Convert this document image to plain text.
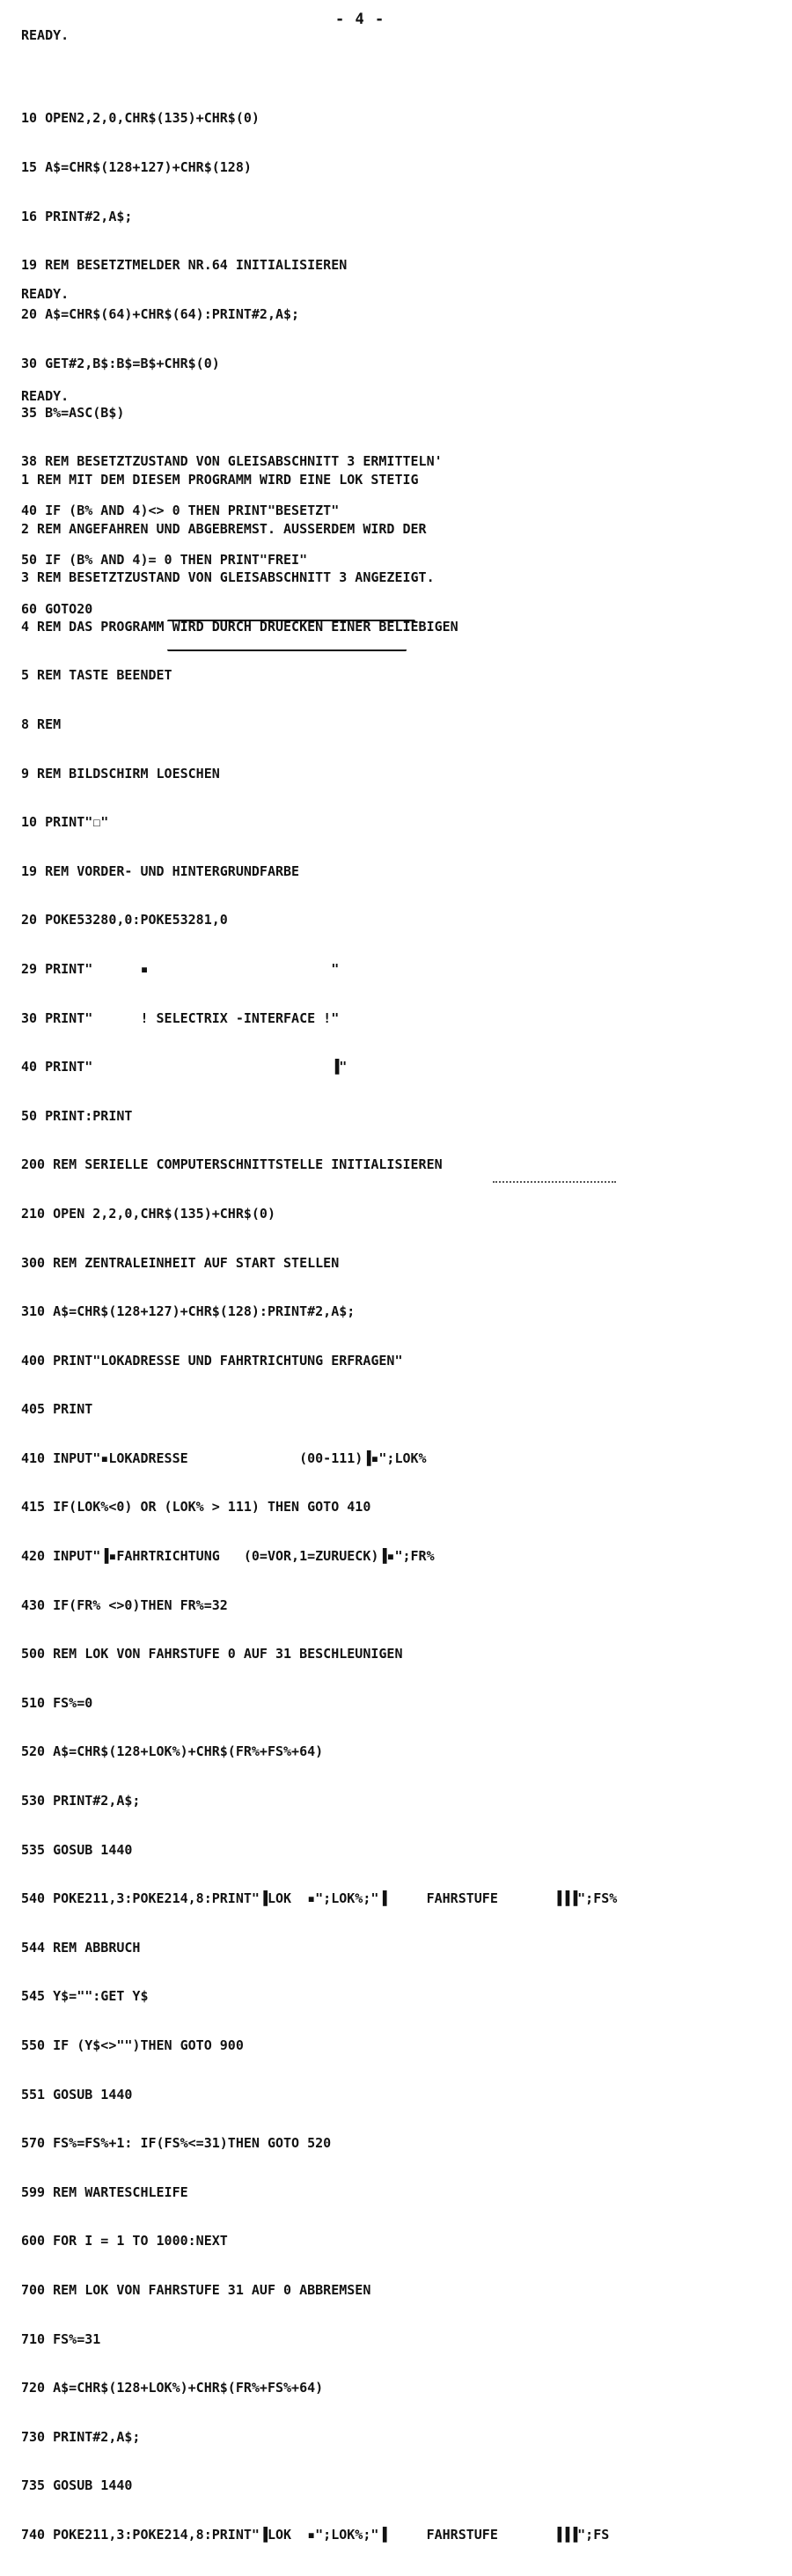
- 4 -
READY.

10 OPEN2,2,0,CHR$(135)+CHR$(0)

15 A$=CHR$(128+127)+CHR$(128)

16 PRINT#2,A$;

19 REM BESETZTMELDER NR.64 INITIALISIEREN

20 A$=CHR$(64)+CHR$(64):PRINT#2,A$;

30 GET#2,B$:B$=B$+CHR$(0)

35 B%=ASC(B$)

38 REM BESETZTZUSTAND VON GLEISABSCHNITT 3 ERMITTELN'

40 IF (B% AND 4)<> 0 THEN PRINT"BESETZT"

50 IF (B% AND 4)= 0 THEN PRINT"FREI"

60 GOTO20

READY.
READY.

1 REM MIT DEM DIESEM PROGRAMM WIRD EINE LOK STETIG

2 REM ANGEFAHREN UND ABGEBREMST. AUSSERDEM WIRD DER

3 REM BESETZTZUSTAND VON GLEISABSCHNITT 3 ANGEZEIGT.

4 REM DAS PROGRAMM WIRD DURCH DRUECKEN EINER BELIEBIGEN

5 REM TASTE BEENDET

8 REM

9 REM BILDSCHIRM LOESCHEN

10 PRINT"☐"

19 REM VORDER- UND HINTERGRUNDFARBE

20 POKE53280,0:POKE53281,0

29 PRINT"      ▪                       "

30 PRINT"      ! SELECTRIX -INTERFACE !"

40 PRINT"                              ▐"

50 PRINT:PRINT

200 REM SERIELLE COMPUTERSCHNITTSTELLE INITIALISIEREN

210 OPEN 2,2,0,CHR$(135)+CHR$(0)

300 REM ZENTRALEINHEIT AUF START STELLEN

310 A$=CHR$(128+127)+CHR$(128):PRINT#2,A$;

400 PRINT"LOKADRESSE UND FAHRTRICHTUNG ERFRAGEN"

405 PRINT

410 INPUT"▪LOKADRESSE              (00-111)▐▪";LOK%

415 IF(LOK%<0) OR (LOK% > 111) THEN GOTO 410

420 INPUT"▐▪FAHRTRICHTUNG   (0=VOR,1=ZURUECK)▐▪";FR%

430 IF(FR% <>0)THEN FR%=32

500 REM LOK VON FAHRSTUFE 0 AUF 31 BESCHLEUNIGEN

510 FS%=0

520 A$=CHR$(128+LOK%)+CHR$(FR%+FS%+64)

530 PRINT#2,A$;

535 GOSUB 1440

540 POKE211,3:POKE214,8:PRINT"▐LOK  ▪";LOK%;"▐     FAHRSTUFE       ▐▐▐";FS%

544 REM ABBRUCH

545 Y$="":GET Y$

550 IF (Y$<>"")THEN GOTO 900

551 GOSUB 1440

570 FS%=FS%+1: IF(FS%<=31)THEN GOTO 520

599 REM WARTESCHLEIFE

600 FOR I = 1 TO 1000:NEXT

700 REM LOK VON FAHRSTUFE 31 AUF 0 ABBREMSEN

710 FS%=31

720 A$=CHR$(128+LOK%)+CHR$(FR%+FS%+64)

730 PRINT#2,A$;

735 GOSUB 1440

740 POKE211,3:POKE214,8:PRINT"▐LOK  ▪";LOK%;"▐     FAHRSTUFE       ▐▐▐";FS
